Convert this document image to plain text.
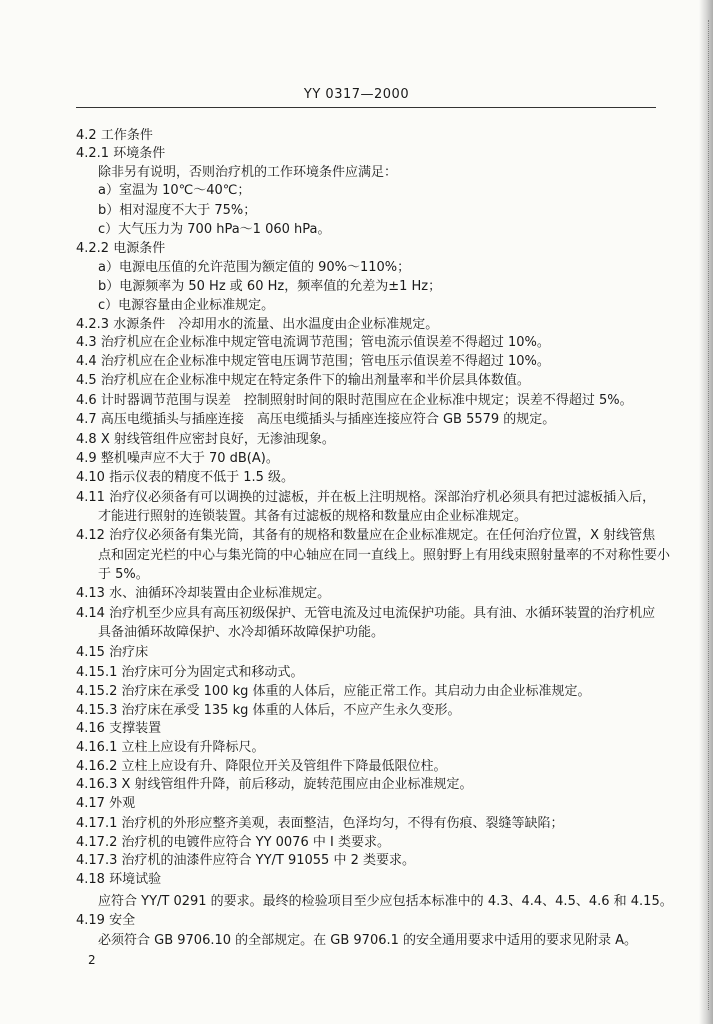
YY 0317—2000
4.2 工作条件
4.2.1 环境条件
除非另有说明，否则治疗机的工作环境条件应满足：
a）室温为 10℃～40℃；
b）相对湿度不大于 75%；
c）大气压力为 700 hPa～1 060 hPa。
4.2.2 电源条件
a）电源电压值的允许范围为额定值的 90%～110%；
b）电源频率为 50 Hz 或 60 Hz，频率值的允差为±1 Hz；
c）电源容量由企业标准规定。
4.2.3 水源条件　冷却用水的流量、出水温度由企业标准规定。
4.3 治疗机应在企业标准中规定管电流调节范围；管电流示值误差不得超过 10%。
4.4 治疗机应在企业标准中规定管电压调节范围；管电压示值误差不得超过 10%。
4.5 治疗机应在企业标准中规定在特定条件下的输出剂量率和半价层具体数值。
4.6 计时器调节范围与误差　控制照射时间的限时范围应在企业标准中规定；误差不得超过 5%。
4.7 高压电缆插头与插座连接　高压电缆插头与插座连接应符合 GB 5579 的规定。
4.8 X 射线管组件应密封良好，无渗油现象。
4.9 整机噪声应不大于 70 dB(A)。
4.10 指示仪表的精度不低于 1.5 级。
4.11 治疗仪必须备有可以调换的过滤板，并在板上注明规格。深部治疗机必须具有把过滤板插入后，
才能进行照射的连锁装置。其备有过滤板的规格和数量应由企业标准规定。
4.12 治疗仪必须备有集光筒，其备有的规格和数量应在企业标准规定。在任何治疗位置，X 射线管焦
点和固定光栏的中心与集光筒的中心轴应在同一直线上。照射野上有用线束照射量率的不对称性要小
于 5%。
4.13 水、油循环冷却装置由企业标准规定。
4.14 治疗机至少应具有高压初级保护、无管电流及过电流保护功能。具有油、水循环装置的治疗机应
具备油循环故障保护、水冷却循环故障保护功能。
4.15 治疗床
4.15.1 治疗床可分为固定式和移动式。
4.15.2 治疗床在承受 100 kg 体重的人体后，应能正常工作。其启动力由企业标准规定。
4.15.3 治疗床在承受 135 kg 体重的人体后，不应产生永久变形。
4.16 支撑装置
4.16.1 立柱上应设有升降标尺。
4.16.2 立柱上应设有升、降限位开关及管组件下降最低限位柱。
4.16.3 X 射线管组件升降，前后移动，旋转范围应由企业标准规定。
4.17 外观
4.17.1 治疗机的外形应整齐美观，表面整洁，色泽均匀，不得有伤痕、裂缝等缺陷；
4.17.2 治疗机的电镀件应符合 YY 0076 中 I 类要求。
4.17.3 治疗机的油漆件应符合 YY/T 91055 中 2 类要求。
4.18 环境试验
应符合 YY/T 0291 的要求。最终的检验项目至少应包括本标准中的 4.3、4.4、4.5、4.6 和 4.15。
4.19 安全
必须符合 GB 9706.10 的全部规定。在 GB 9706.1 的安全通用要求中适用的要求见附录 A。
2
